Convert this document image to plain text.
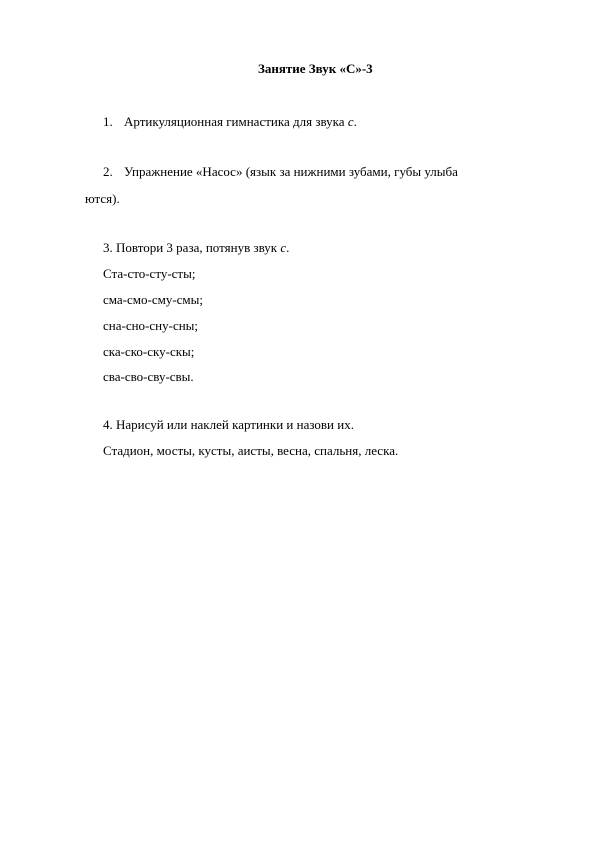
Занятие Звук «С»-3
1. Артикуляционная гимнастика для звука с.
2. Упражнение «Насос» (язык за нижними зубами, губы улыба
ются).
3. Повтори 3 раза, потянув звук с.
Ста-сто-сту-сты;
сма-смо-сму-смы;
сна-сно-сну-сны;
ска-ско-ску-скы;
сва-сво-сву-свы.
4. Нарисуй или наклей картинки и назови их.
Стадион, мосты, кусты, аисты, весна, спальня, леска.
